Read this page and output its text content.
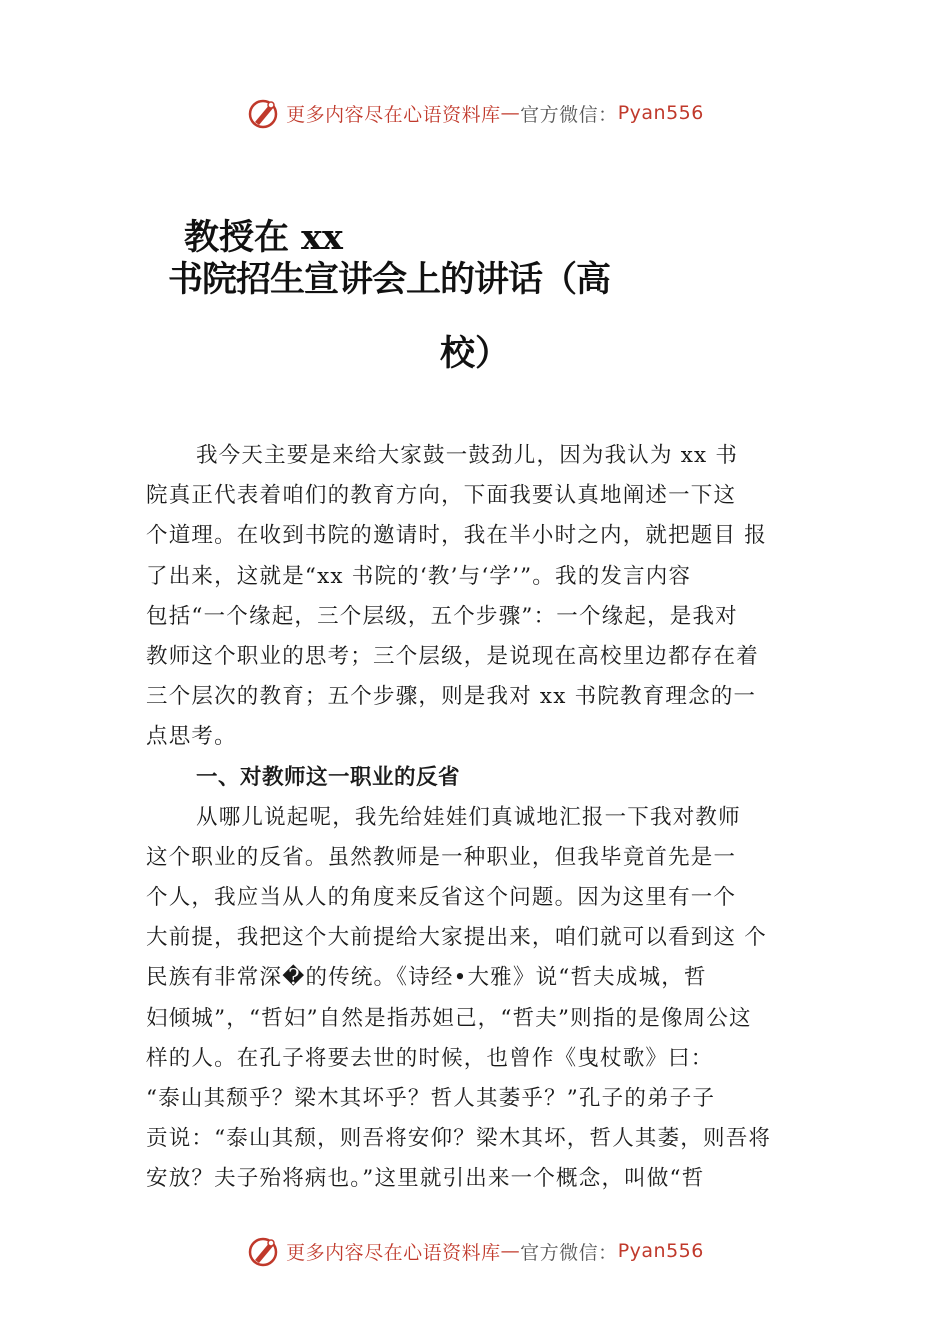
更多内容尽在心语资料库 — 官方微信： Pyan556
教授在 xx
书院招生宣讲会上的讲话（高
校）
我今天主要是来给大家鼓一鼓劲儿，因为我认为 xx 书
院真正代表着咱们的教育方向，下面我要认真地阐述一下这
个道理。在收到书院的邀请时，我在半小时之内，就把题目 报
了出来，这就是“xx 书院的‘教’与‘学’”。我的发言内容
包括“一个缘起，三个层级，五个步骤”：一个缘起，是我对
教师这个职业的思考；三个层级，是说现在高校里边都存在着
三个层次的教育；五个步骤，则是我对 xx 书院教育理念的一
点思考。
一、对教师这一职业的反省
从哪儿说起呢，我先给娃娃们真诚地汇报一下我对教师
这个职业的反省。虽然教师是一种职业，但我毕竟首先是一
个人，我应当从人的角度来反省这个问题。因为这里有一个
大前提，我把这个大前提给大家提出来，咱们就可以看到这 个
民族有非常深�的传统。《诗经•大雅》说“哲夫成城，哲
妇倾城”，“哲妇”自然是指苏妲己，“哲夫”则指的是像周公这
样的人。在孔子将要去世的时候，也曾作《曳杖歌》曰：
“泰山其颓乎？梁木其坏乎？哲人其萎乎？”孔子的弟子子
贡说：“泰山其颓，则吾将安仰？梁木其坏，哲人其萎，则吾将
安放？夫子殆将病也。”这里就引出来一个概念，叫做“哲
更多内容尽在心语资料库 — 官方微信： Pyan556
